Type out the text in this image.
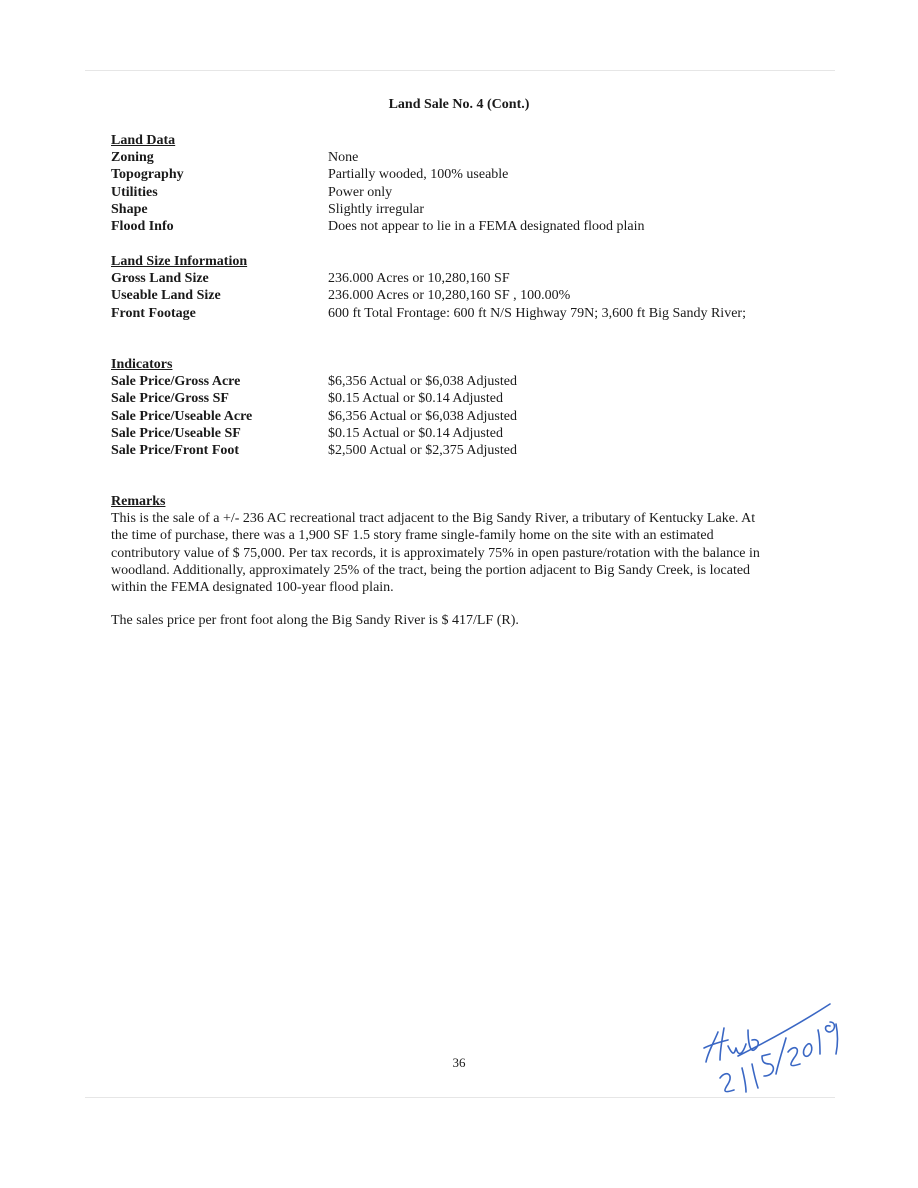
Land Sale No. 4 (Cont.)
Land Data
Zoning	None
Topography	Partially wooded, 100% useable
Utilities	Power only
Shape	Slightly irregular
Flood Info	Does not appear to lie in a FEMA designated flood plain
Land Size Information
Gross Land Size	236.000 Acres or 10,280,160 SF
Useable Land Size	236.000 Acres or 10,280,160 SF , 100.00%
Front Footage	600 ft Total Frontage: 600 ft N/S Highway 79N; 3,600 ft Big Sandy River;
Indicators
Sale Price/Gross Acre	$6,356 Actual or $6,038 Adjusted
Sale Price/Gross SF	$0.15 Actual or $0.14 Adjusted
Sale Price/Useable Acre	$6,356 Actual or $6,038 Adjusted
Sale Price/Useable SF	$0.15 Actual or $0.14 Adjusted
Sale Price/Front Foot	$2,500 Actual or $2,375 Adjusted
Remarks

This is the sale of a +/- 236 AC recreational tract adjacent to the Big Sandy River, a tributary of Kentucky Lake. At the time of purchase, there was a 1,900 SF 1.5 story frame single-family home on the site with an estimated contributory value of $ 75,000. Per tax records, it is approximately 75% in open pasture/rotation with the balance in woodland. Additionally, approximately 25% of the tract, being the portion adjacent to Big Sandy Creek, is located within the FEMA designated 100-year flood plain.

The sales price per front foot along the Big Sandy River is $ 417/LF (R).

36
